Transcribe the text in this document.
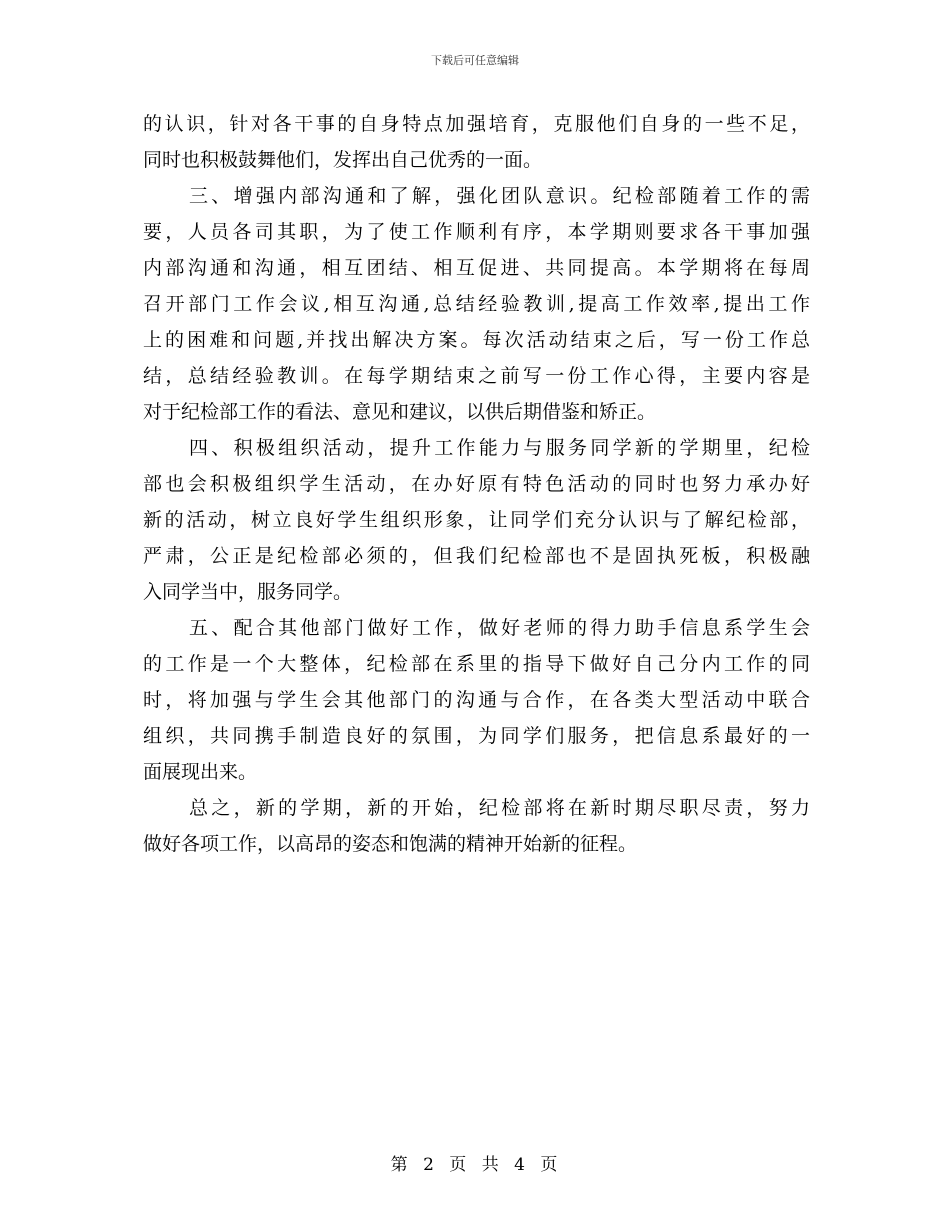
下载后可任意编辑
的认识，针对各干事的自身特点加强培育，克服他们自身的一些不足，
同时也积极鼓舞他们，发挥出自己优秀的一面。
三、增强内部沟通和了解，强化团队意识。纪检部随着工作的需
要，人员各司其职，为了使工作顺利有序，本学期则要求各干事加强
内部沟通和沟通，相互团结、相互促进、共同提高。本学期将在每周
召开部门工作会议,相互沟通,总结经验教训,提高工作效率,提出工作
上的困难和问题,并找出解决方案。每次活动结束之后，写一份工作总
结，总结经验教训。在每学期结束之前写一份工作心得，主要内容是
对于纪检部工作的看法、意见和建议，以供后期借鉴和矫正。
四、积极组织活动，提升工作能力与服务同学新的学期里，纪检
部也会积极组织学生活动，在办好原有特色活动的同时也努力承办好
新的活动，树立良好学生组织形象，让同学们充分认识与了解纪检部，
严肃，公正是纪检部必须的，但我们纪检部也不是固执死板，积极融
入同学当中，服务同学。
五、配合其他部门做好工作，做好老师的得力助手信息系学生会
的工作是一个大整体，纪检部在系里的指导下做好自己分内工作的同
时，将加强与学生会其他部门的沟通与合作，在各类大型活动中联合
组织，共同携手制造良好的氛围，为同学们服务，把信息系最好的一
面展现出来。
总之，新的学期，新的开始，纪检部将在新时期尽职尽责，努力
做好各项工作，以高昂的姿态和饱满的精神开始新的征程。
第 2 页 共 4 页
